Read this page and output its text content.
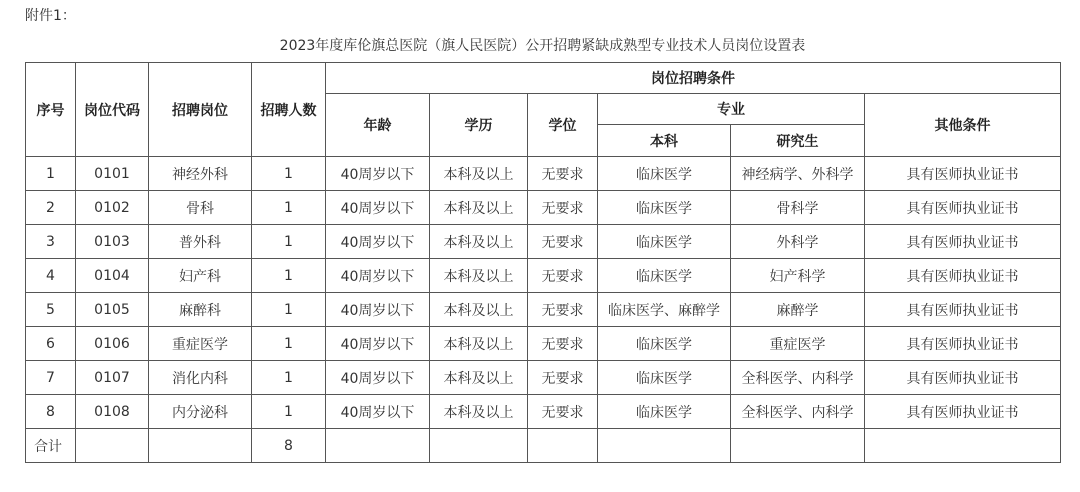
附件1：
2023年度库伦旗总医院（旗人民医院）公开招聘紧缺成熟型专业技术人员岗位设置表
序号	岗位代码	招聘岗位	招聘人数	岗位招聘条件					
				年龄	学历	学位	专业		其他条件
							本科	研究生	
1	0101	神经外科	1	40周岁以下	本科及以上	无要求	临床医学	神经病学、外科学	具有医师执业证书
2	0102	骨科	1	40周岁以下	本科及以上	无要求	临床医学	骨科学	具有医师执业证书
3	0103	普外科	1	40周岁以下	本科及以上	无要求	临床医学	外科学	具有医师执业证书
4	0104	妇产科	1	40周岁以下	本科及以上	无要求	临床医学	妇产科学	具有医师执业证书
5	0105	麻醉科	1	40周岁以下	本科及以上	无要求	临床医学、麻醉学	麻醉学	具有医师执业证书
6	0106	重症医学	1	40周岁以下	本科及以上	无要求	临床医学	重症医学	具有医师执业证书
7	0107	消化内科	1	40周岁以下	本科及以上	无要求	临床医学	全科医学、内科学	具有医师执业证书
8	0108	内分泌科	1	40周岁以下	本科及以上	无要求	临床医学	全科医学、内科学	具有医师执业证书
合计			8						
